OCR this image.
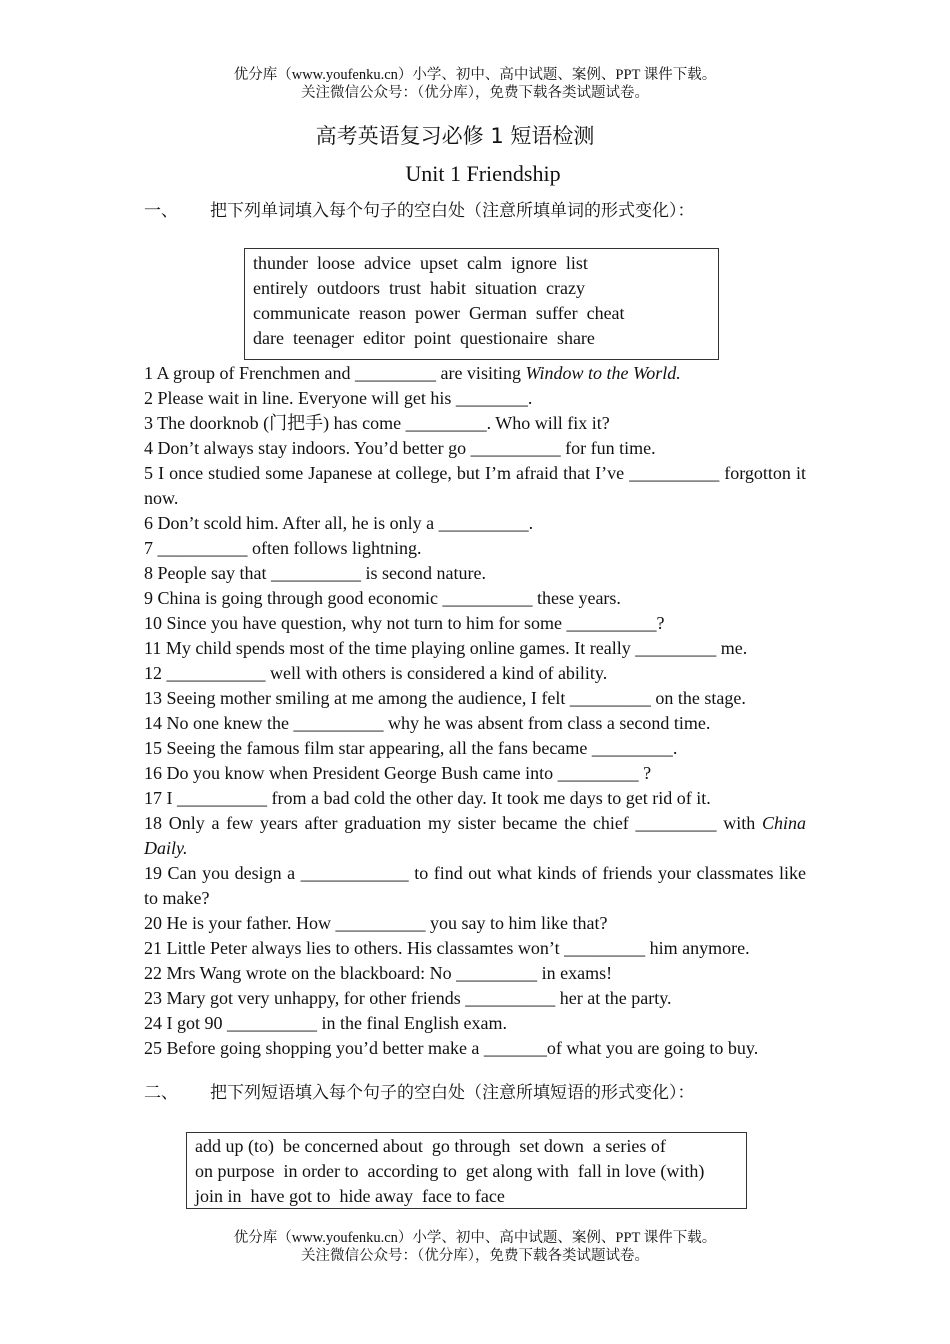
优分库（www.youfenku.cn）小学、初中、高中试题、案例、PPT 课件下载。
关注微信公众号：（优分库），免费下载各类试题试卷。
高考英语复习必修 1 短语检测
Unit 1 Friendship
一、 把下列单词填入每个句子的空白处（注意所填单词的形式变化）：
thunder loose advice upset calm ignore list
entirely outdoors trust habit situation crazy
communicate reason power German suffer cheat
dare teenager editor point questionaire share
1 A group of Frenchmen and _________ are visiting Window to the World.
2 Please wait in line. Everyone will get his ________.
3 The doorknob (门把手) has come _________. Who will fix it?
4 Don’t always stay indoors. You’d better go __________ for fun time.
5 I once studied some Japanese at college, but I’m afraid that I’ve __________ forgotton it now.
6 Don’t scold him. After all, he is only a __________.
7 __________ often follows lightning.
8 People say that __________ is second nature.
9 China is going through good economic __________ these years.
10 Since you have question, why not turn to him for some __________?
11 My child spends most of the time playing online games. It really _________ me.
12 ___________ well with others is considered a kind of ability.
13 Seeing mother smiling at me among the audience, I felt _________ on the stage.
14 No one knew the __________ why he was absent from class a second time.
15 Seeing the famous film star appearing, all the fans became _________.
16 Do you know when President George Bush came into _________ ?
17 I __________ from a bad cold the other day. It took me days to get rid of it.
18 Only a few years after graduation my sister became the chief _________ with China Daily.
19 Can you design a ____________ to find out what kinds of friends your classmates like to make?
20 He is your father. How __________ you say to him like that?
21 Little Peter always lies to others. His classamtes won’t _________ him anymore.
22 Mrs Wang wrote on the blackboard: No _________ in exams!
23 Mary got very unhappy, for other friends __________ her at the party.
24 I got 90 __________ in the final English exam.
25 Before going shopping you’d better make a _______of what you are going to buy.
二、 把下列短语填入每个句子的空白处（注意所填短语的形式变化）：
add up (to)  be concerned about  go through  set down  a series of
on purpose  in order to  according to  get along with  fall in love (with)
join in  have got to  hide away  face to face
优分库（www.youfenku.cn）小学、初中、高中试题、案例、PPT 课件下载。
关注微信公众号：（优分库），免费下载各类试题试卷。
